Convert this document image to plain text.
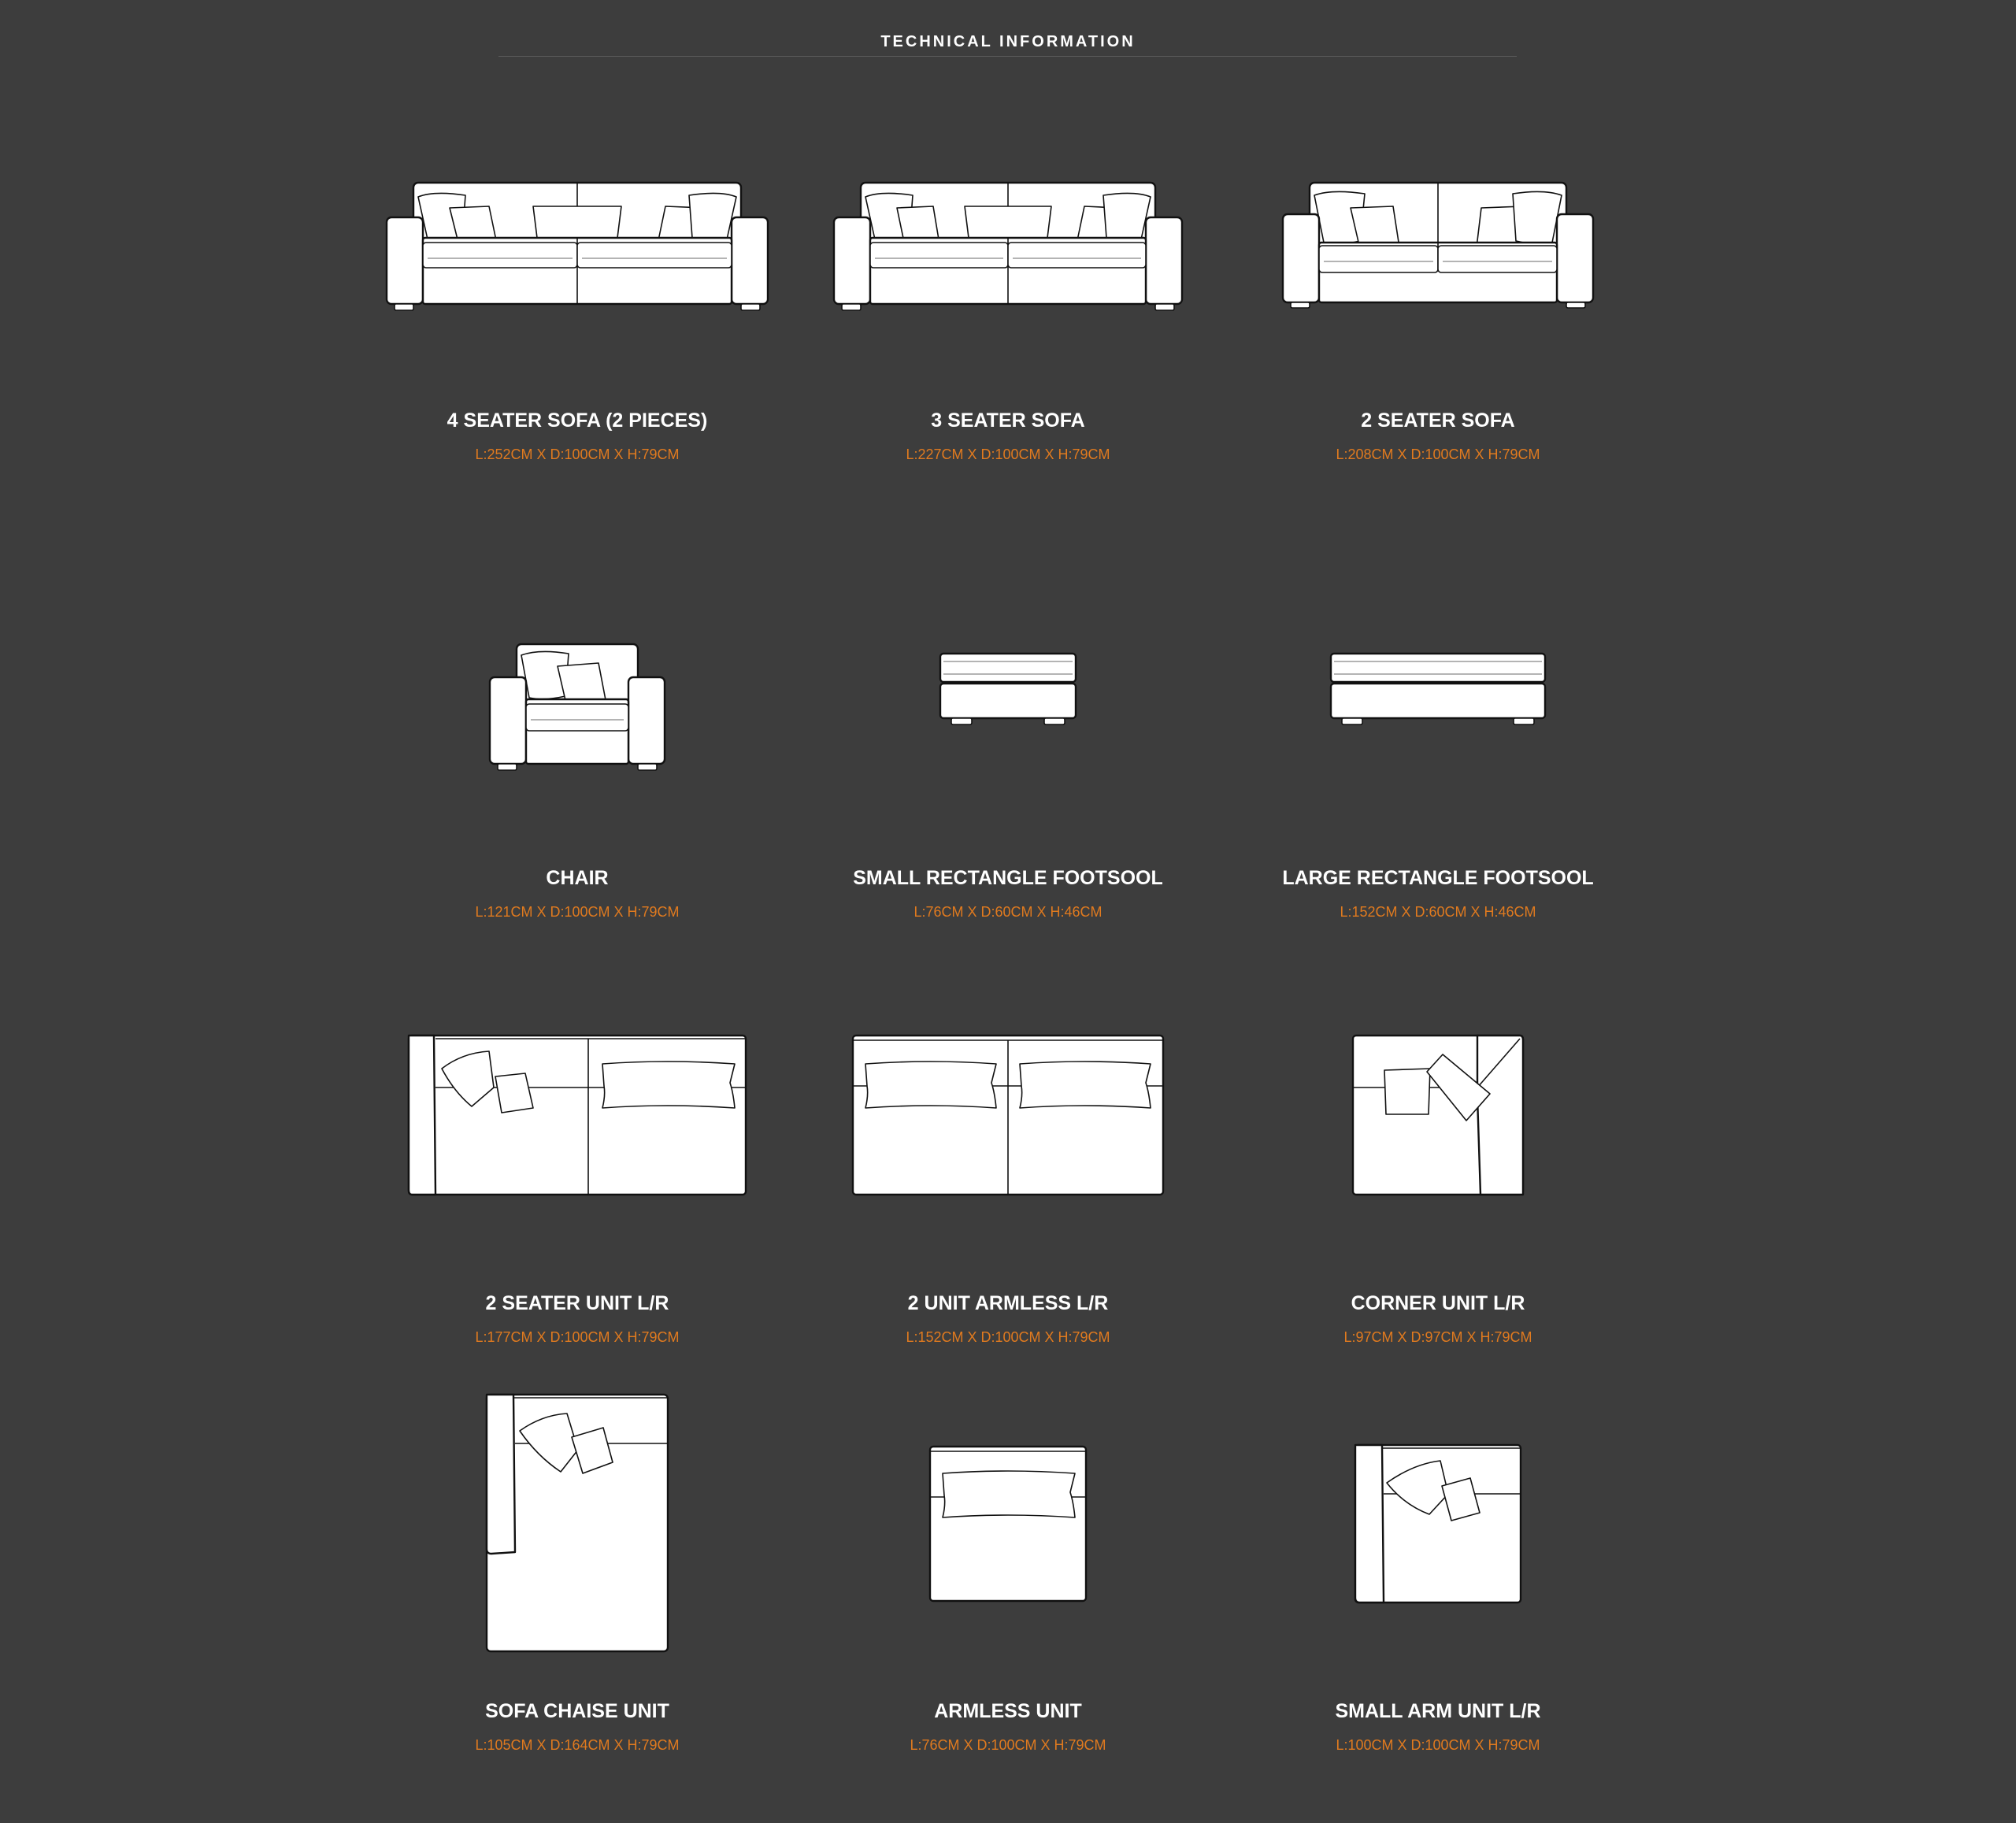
TECHNICAL INFORMATION

4 SEATER SOFA (2 PIECES)

L:252CM X D:100CM X H:79CM

3 SEATER SOFA

L:227CM X D:100CM X H:79CM

2 SEATER SOFA

L:208CM X D:100CM X H:79CM

CHAIR

L:121CM X D:100CM X H:79CM

SMALL RECTANGLE FOOTSOOL

L:76CM X D:60CM X H:46CM

LARGE RECTANGLE FOOTSOOL

L:152CM X D:60CM X H:46CM

2 SEATER UNIT L/R

L:177CM X D:100CM X H:79CM

2 UNIT ARMLESS L/R

L:152CM X D:100CM X H:79CM

CORNER UNIT L/R

L:97CM X D:97CM X H:79CM

SOFA CHAISE UNIT

L:105CM X D:164CM X H:79CM

ARMLESS UNIT

L:76CM X D:100CM X H:79CM

SMALL ARM UNIT L/R

L:100CM X D:100CM X H:79CM
